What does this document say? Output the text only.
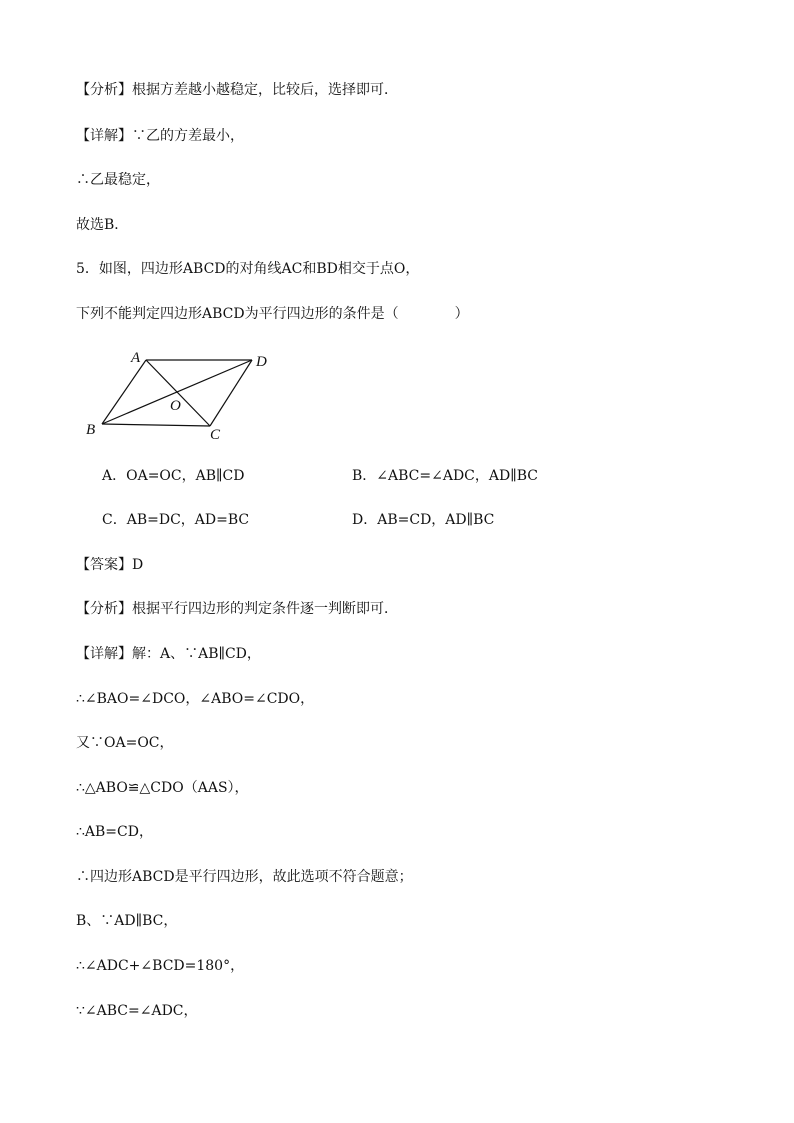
【分析】根据方差越小越稳定，比较后，选择即可．
【详解】∵乙的方差最小，
∴乙最稳定，
故选B．
5．如图，四边形ABCD的对角线AC和BD相交于点O，
下列不能判定四边形ABCD为平行四边形的条件是（　　　　）
A	D
O
B	C
A．OA=OC，AB∥CD	B．∠ABC=∠ADC，AD∥BC
C．AB=DC，AD=BC	D．AB=CD，AD∥BC
【答案】D
【分析】根据平行四边形的判定条件逐一判断即可．
【详解】解：A、∵AB∥CD，
∴∠BAO=∠DCO，∠ABO=∠CDO，
又∵OA=OC，
∴△ABO≌△CDO（AAS），
∴AB=CD，
∴四边形ABCD是平行四边形，故此选项不符合题意；
B、∵AD∥BC，
∴∠ADC+∠BCD=180°，
∵∠ABC=∠ADC，
